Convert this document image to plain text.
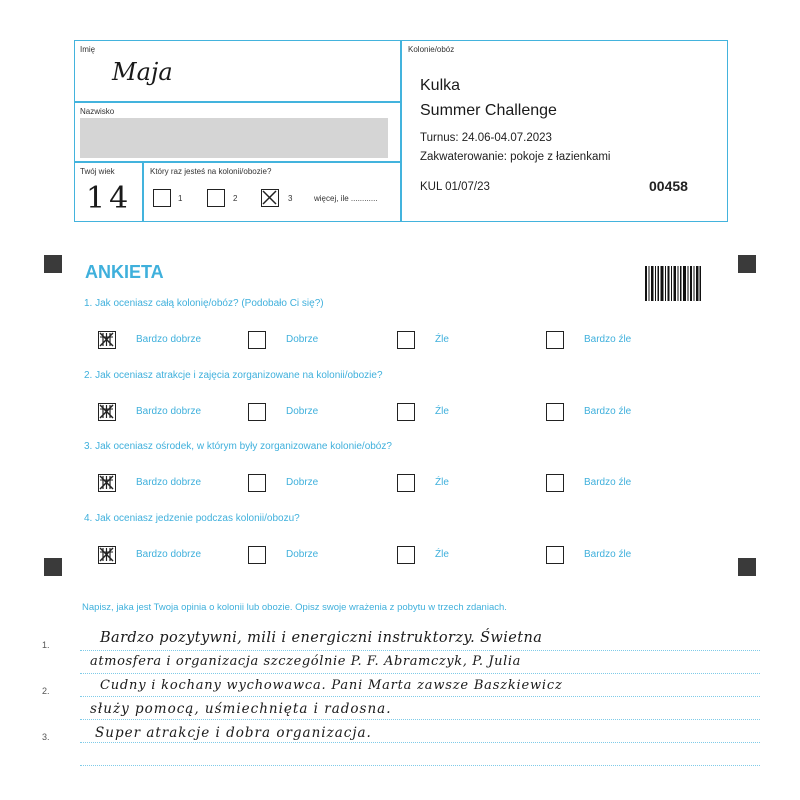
Imię
Maja
Nazwisko
Twój wiek
14
Który raz jesteś na kolonii/obozie?
1	2	3	więcej, ile ............
Kolonie/obóz
Kulka
Summer Challenge
Turnus: 24.06-04.07.2023
Zakwaterowanie: pokoje z łazienkami
KUL 01/07/23	00458
ANKIETA
1. Jak oceniasz całą kolonię/obóz? (Podobało Ci się?)
Bardzo dobrze	Dobrze	Źle	Bardzo źle
2. Jak oceniasz atrakcje i zajęcia zorganizowane na kolonii/obozie?
Bardzo dobrze	Dobrze	Źle	Bardzo źle
3. Jak oceniasz ośrodek, w którym były zorganizowane kolonie/obóz?
Bardzo dobrze	Dobrze	Źle	Bardzo źle
4. Jak oceniasz jedzenie podczas kolonii/obozu?
Bardzo dobrze	Dobrze	Źle	Bardzo źle
Napisz, jaka jest Twoja opinia o kolonii lub obozie. Opisz swoje wrażenia z pobytu w trzech zdaniach.
1.
2.
3.
Bardzo pozytywni, mili i energiczni instruktorzy. Świetna
atmosfera i organizacja szczególnie P. F. Abramczyk, P. Julia
Cudny i kochany wychowawca. Pani Marta zawsze Baszkiewicz
służy pomocą, uśmiechnięta i radosna.
Super atrakcje i dobra organizacja.
